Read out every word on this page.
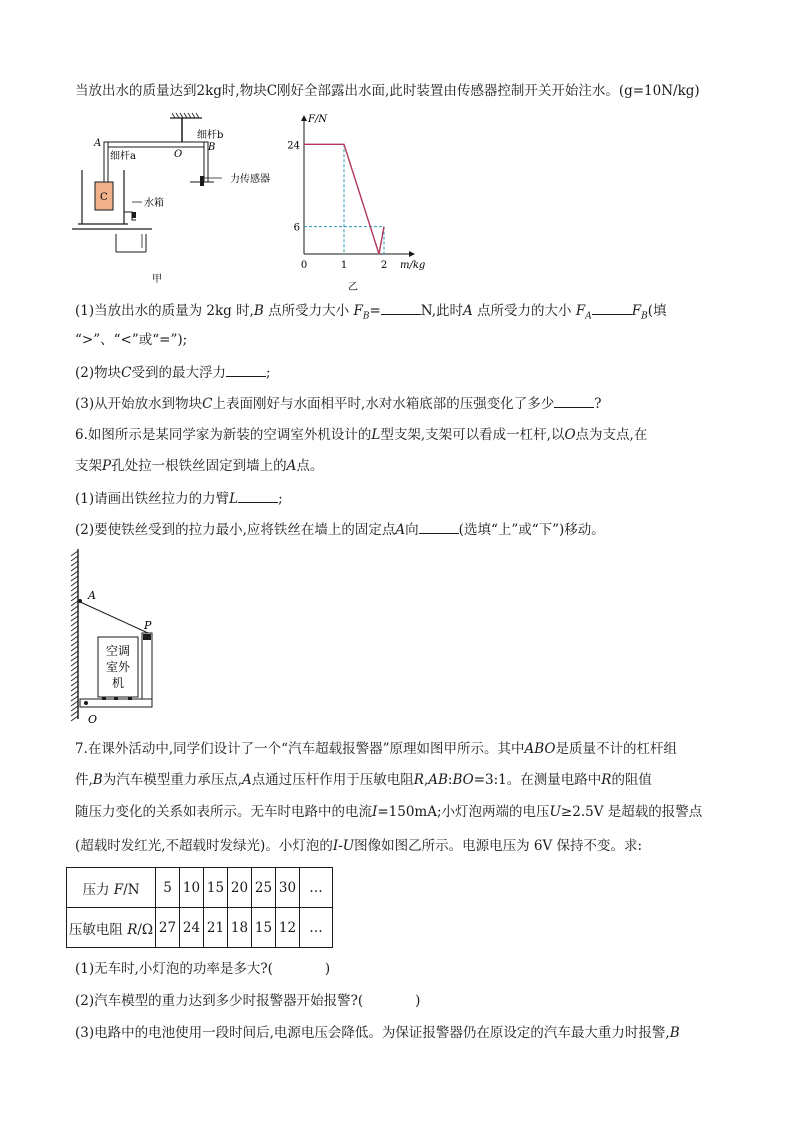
当放出水的质量达到2kg时,物块C刚好全部露出水面,此时装置由传感器控制开关开始注水。(g=10N/kg)
细杆b
A
O
B
细杆a
力传感器
C
水箱
甲
F/N
m/kg
6
24
0	1	2
乙
(1)当放出水的质量为 2kg 时,B 点所受力大小 $F_B=$	N,此时A 点所受力的大小 $F_A$	$F_B$(填
“>”、“<”或“=”);
(2)物块C受到的最大浮力	;
(3)从开始放水到物块C上表面刚好与水面相平时,水对水箱底部的压强变化了多少	?
6.如图所示是某同学家为新装的空调室外机设计的L型支架,支架可以看成一杠杆,以O点为支点,在
支架P孔处拉一根铁丝固定到墙上的A点。
(1)请画出铁丝拉力的力臂L	;
(2)要使铁丝受到的拉力最小,应将铁丝在墙上的固定点A向	(选填“上”或“下”)移动。
A
P
空调
室外
机
O
7.在课外活动中,同学们设计了一个“汽车超载报警器”原理如图甲所示。其中ABO是质量不计的杠杆组
件,B为汽车模型重力承压点,A点通过压杆作用于压敏电阻R,AB:BO=3:1。在测量电路中R的阻值
随压力变化的关系如表所示。无车时电路中的电流I=150mA;小灯泡两端的电压U≥2.5V 是超载的报警点
(超载时发红光,不超载时发绿光)。小灯泡的I-U图像如图乙所示。电源电压为 6V 保持不变。求:
压力 F/N	5	10	15	20	25	30	…
压敏电阻 R/Ω	27	24	21	18	15	12	…
(1)无车时,小灯泡的功率是多大?(	)
(2)汽车模型的重力达到多少时报警器开始报警?(	)
(3)电路中的电池使用一段时间后,电源电压会降低。为保证报警器仍在原设定的汽车最大重力时报警,B
